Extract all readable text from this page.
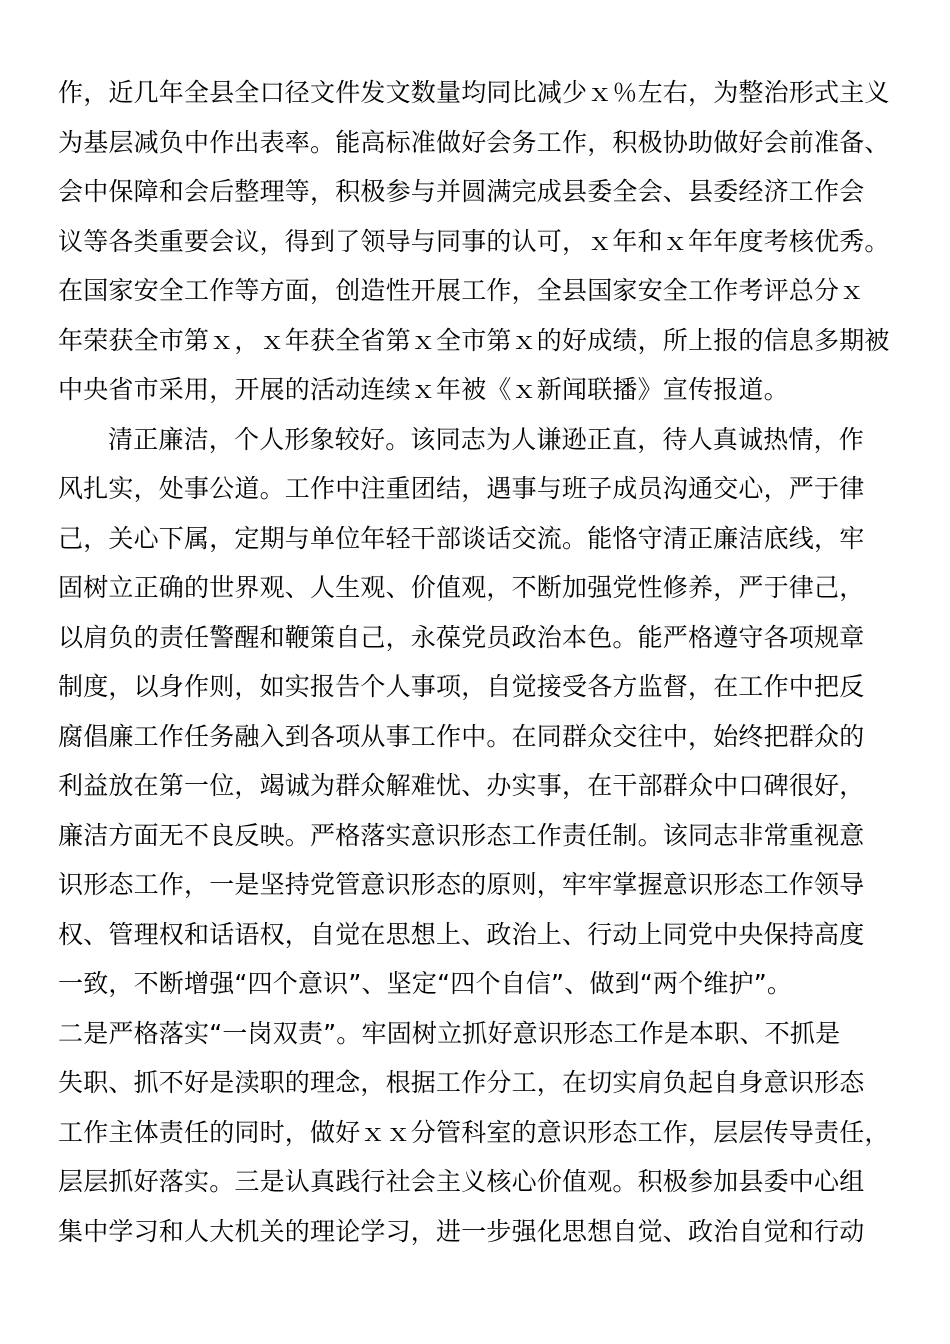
作，近几年全县全口径文件发文数量均同比减少ｘ％左右，为整治形式主义
为基层减负中作出表率。能高标准做好会务工作，积极协助做好会前准备、
会中保障和会后整理等，积极参与并圆满完成县委全会、县委经济工作会
议等各类重要会议，得到了领导与同事的认可，ｘ年和ｘ年年度考核优秀。
在国家安全工作等方面，创造性开展工作，全县国家安全工作考评总分ｘ
年荣获全市第ｘ，ｘ年获全省第ｘ全市第ｘ的好成绩，所上报的信息多期被
中央省市采用，开展的活动连续ｘ年被《ｘ新闻联播》宣传报道。
清正廉洁，个人形象较好。该同志为人谦逊正直，待人真诚热情，作
风扎实，处事公道。工作中注重团结，遇事与班子成员沟通交心，严于律
己，关心下属，定期与单位年轻干部谈话交流。能恪守清正廉洁底线，牢
固树立正确的世界观、人生观、价值观，不断加强党性修养，严于律己，
以肩负的责任警醒和鞭策自己，永葆党员政治本色。能严格遵守各项规章
制度，以身作则，如实报告个人事项，自觉接受各方监督，在工作中把反
腐倡廉工作任务融入到各项从事工作中。在同群众交往中，始终把群众的
利益放在第一位，竭诚为群众解难忧、办实事，在干部群众中口碑很好，
廉洁方面无不良反映。严格落实意识形态工作责任制。该同志非常重视意
识形态工作，一是坚持党管意识形态的原则，牢牢掌握意识形态工作领导
权、管理权和话语权，自觉在思想上、政治上、行动上同党中央保持高度
一致，不断增强“四个意识”、坚定“四个自信”、做到“两个维护”。
二是严格落实“一岗双责”。牢固树立抓好意识形态工作是本职、不抓是
失职、抓不好是渎职的理念，根据工作分工，在切实肩负起自身意识形态
工作主体责任的同时，做好ｘｘ分管科室的意识形态工作，层层传导责任，
层层抓好落实。三是认真践行社会主义核心价值观。积极参加县委中心组
集中学习和人大机关的理论学习，进一步强化思想自觉、政治自觉和行动
